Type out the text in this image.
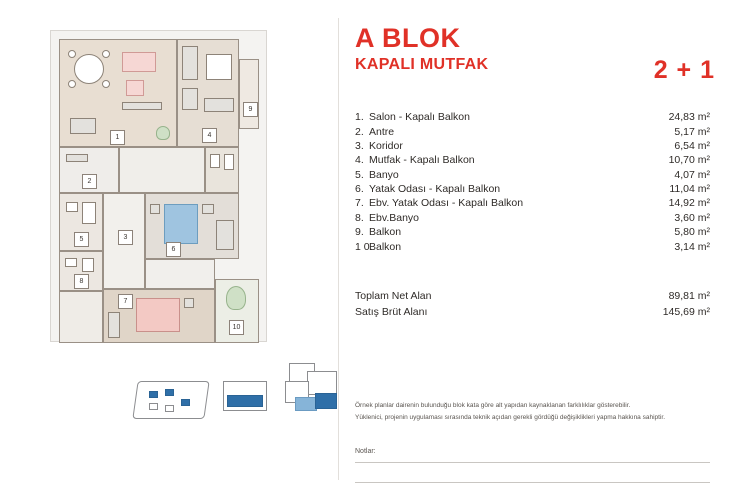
1	4
9
2
5	3
6
8
7
10
A BLOK
KAPALI MUTFAK	2 + 1
1. Salon - Kapalı Balkon	24,83 m²
2. Antre	5,17 m²
3. Koridor	6,54 m²
4. Mutfak - Kapalı Balkon	10,70 m²
5. Banyo	4,07 m²
6. Yatak Odası - Kapalı Balkon	11,04 m²
7. Ebv. Yatak Odası - Kapalı Balkon	14,92 m²
8. Ebv.Banyo	3,60 m²
9. Balkon	5,80 m²
1 0.Balkon	3,14 m²
Toplam Net Alan	89,81 m²
Satış Brüt Alanı	145,69 m²
Örnek planlar dairenin bulunduğu blok kata göre alt yapıdan kaynaklanan farklılıklar gösterebilir.
Yüklenici, projenin uygulaması sırasında teknik açıdan gerekli gördüğü değişiklikleri yapma hakkına sahiptir.
Notlar:
